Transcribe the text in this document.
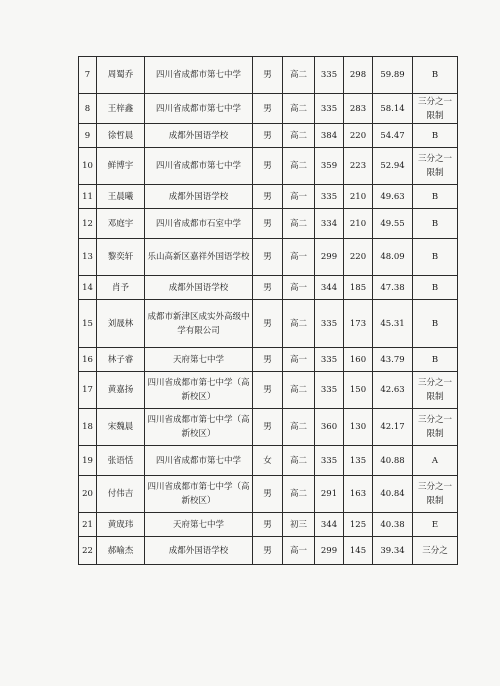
7	周蜀乔	四川省成都市第七中学	男	高二	335	298	59.89	B
8	王梓鑫	四川省成都市第七中学	男	高二	335	283	58.14	三分之一限制
9	徐哲晨	成都外国语学校	男	高二	384	220	54.47	B
10	鲜博宇	四川省成都市第七中学	男	高二	359	223	52.94	三分之一限制
11	王晨曦	成都外国语学校	男	高一	335	210	49.63	B
12	邓庭宇	四川省成都市石室中学	男	高二	334	210	49.55	B
13	黎奕轩	乐山高新区嘉祥外国语学校	男	高一	299	220	48.09	B
14	肖予	成都外国语学校	男	高一	344	185	47.38	B
15	刘晟林	成都市新津区成实外高级中学有限公司	男	高二	335	173	45.31	B
16	林子睿	天府第七中学	男	高一	335	160	43.79	B
17	黄嘉扬	四川省成都市第七中学（高新校区）	男	高二	335	150	42.63	三分之一限制
18	宋魏晨	四川省成都市第七中学（高新校区）	男	高二	360	130	42.17	三分之一限制
19	张语恬	四川省成都市第七中学	女	高二	335	135	40.88	A
20	付伟吉	四川省成都市第七中学（高新校区）	男	高二	291	163	40.84	三分之一限制
21	黄宬玮	天府第七中学	男	初三	344	125	40.38	E
22	郝喻杰	成都外国语学校	男	高一	299	145	39.34	三分之
